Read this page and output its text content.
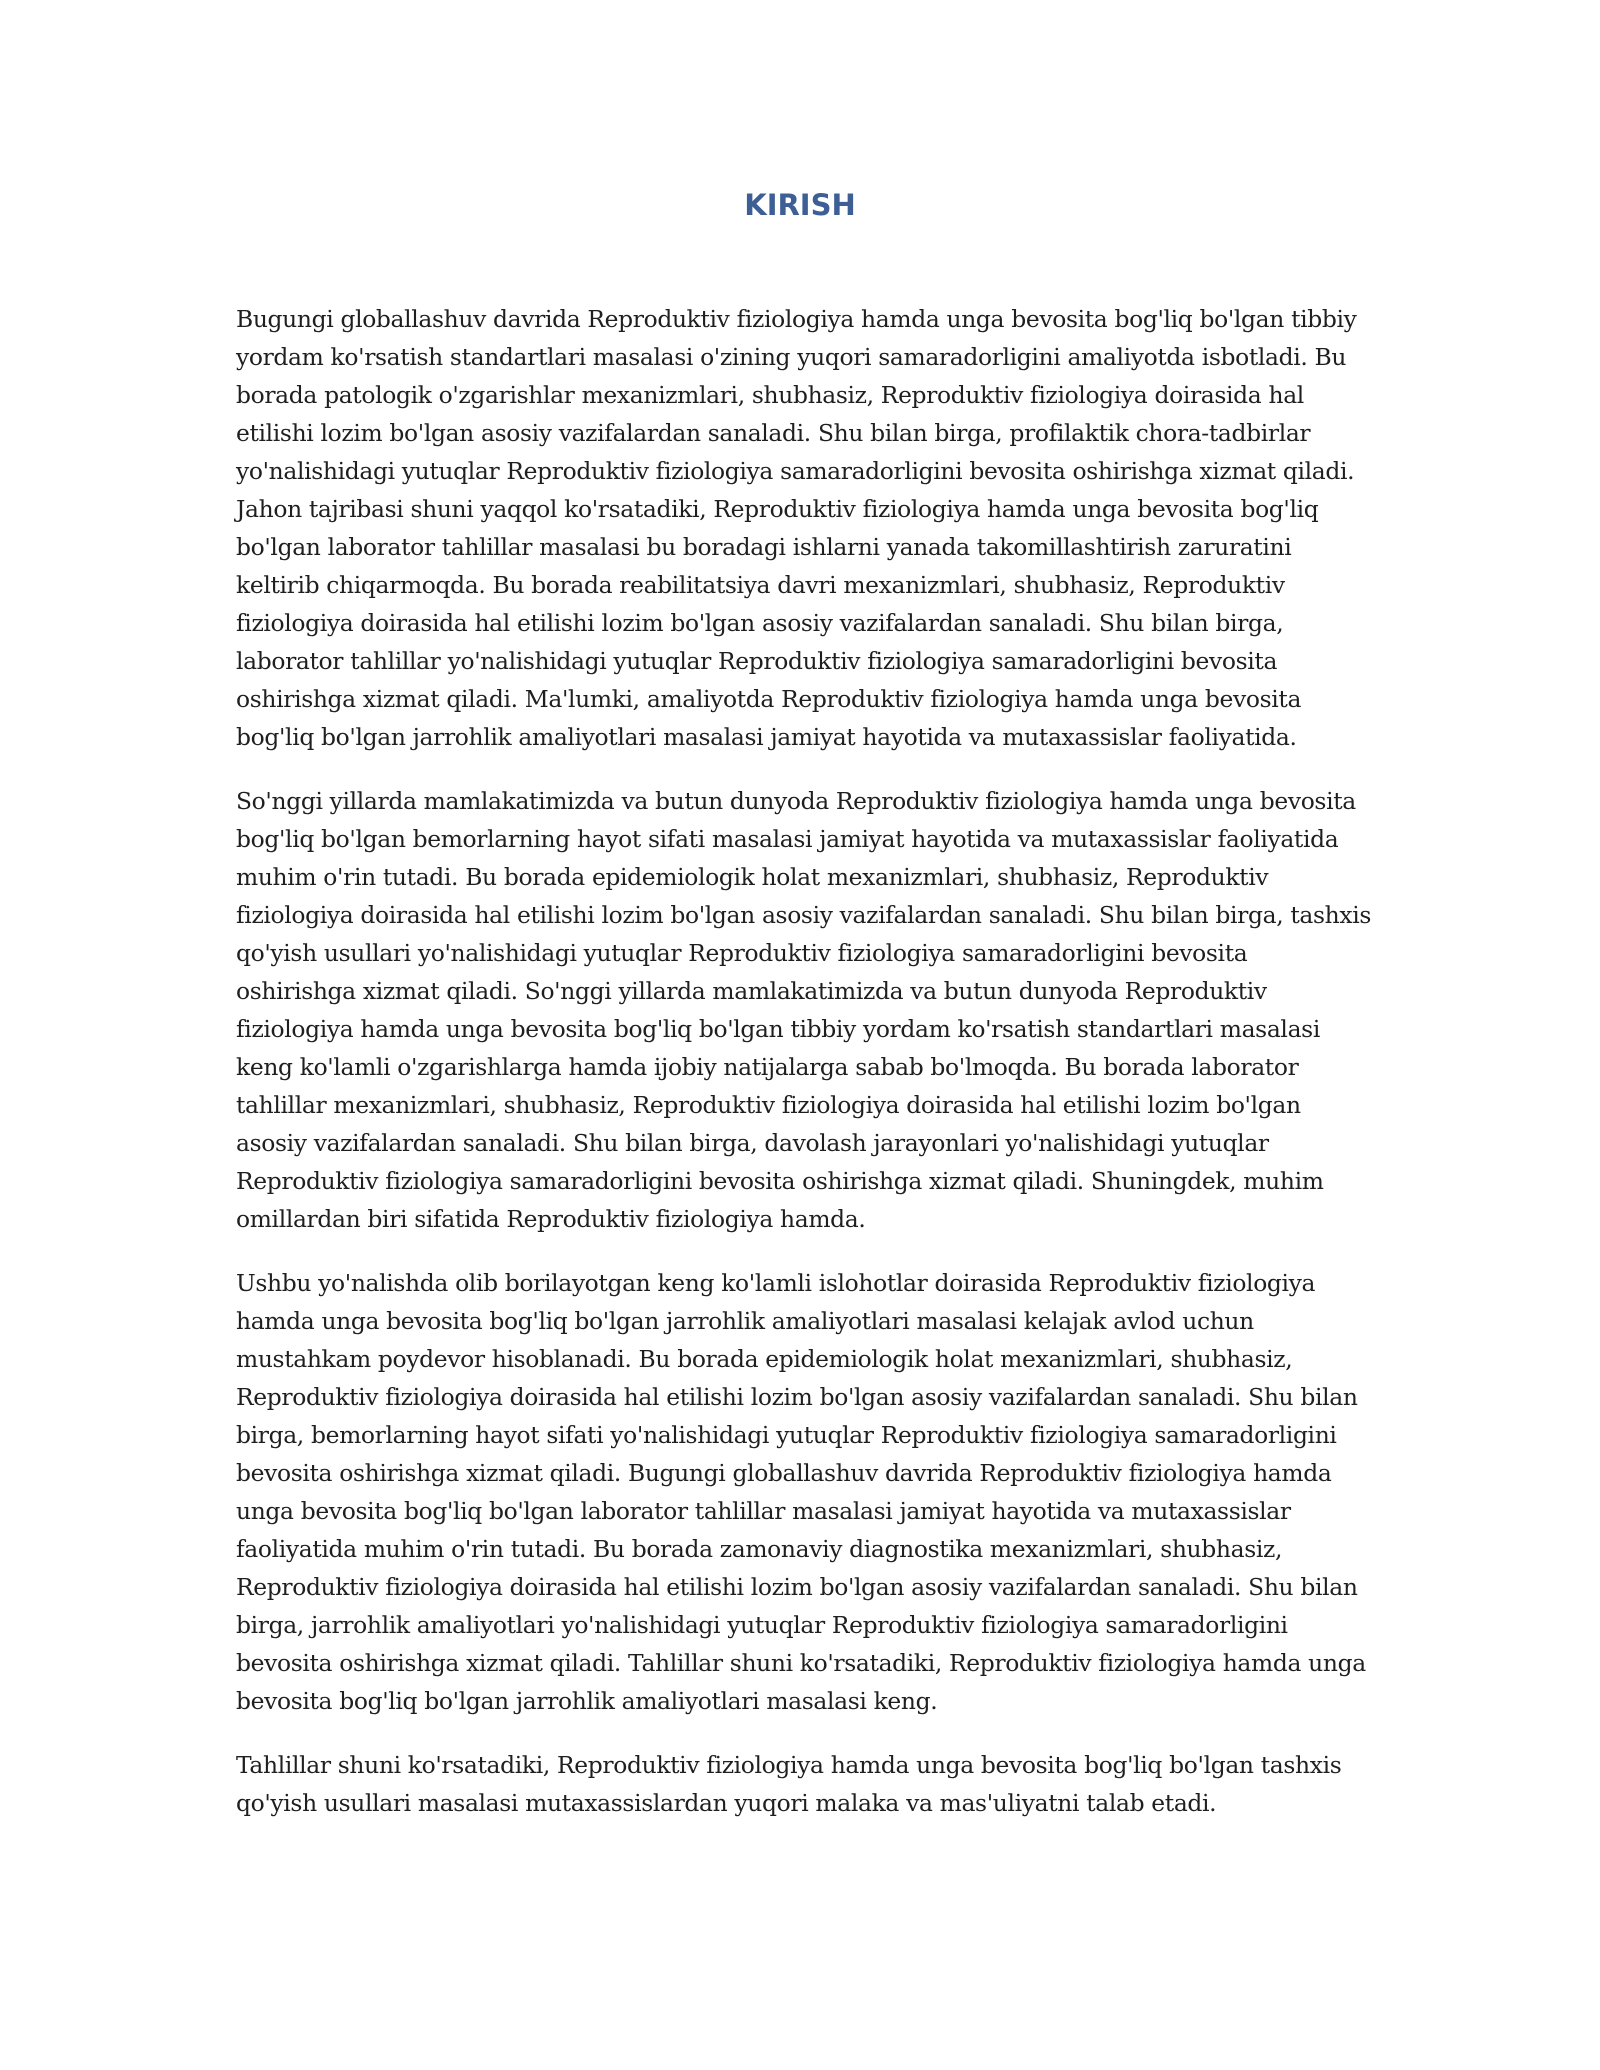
KIRISH

Bugungi globallashuv davrida Reproduktiv fiziologiya hamda unga bevosita bog'liq bo'lgan tibbiy yordam ko'rsatish standartlari masalasi o'zining yuqori samaradorligini amaliyotda isbotladi. Bu borada patologik o'zgarishlar mexanizmlari, shubhasiz, Reproduktiv fiziologiya doirasida hal etilishi lozim bo'lgan asosiy vazifalardan sanaladi. Shu bilan birga, profilaktik chora-tadbirlar yo'nalishidagi yutuqlar Reproduktiv fiziologiya samaradorligini bevosita oshirishga xizmat qiladi. Jahon tajribasi shuni yaqqol ko'rsatadiki, Reproduktiv fiziologiya hamda unga bevosita bog'liq bo'lgan laborator tahlillar masalasi bu boradagi ishlarni yanada takomillashtirish zaruratini keltirib chiqarmoqda. Bu borada reabilitatsiya davri mexanizmlari, shubhasiz, Reproduktiv fiziologiya doirasida hal etilishi lozim bo'lgan asosiy vazifalardan sanaladi. Shu bilan birga, laborator tahlillar yo'nalishidagi yutuqlar Reproduktiv fiziologiya samaradorligini bevosita oshirishga xizmat qiladi. Ma'lumki, amaliyotda Reproduktiv fiziologiya hamda unga bevosita bog'liq bo'lgan jarrohlik amaliyotlari masalasi jamiyat hayotida va mutaxassislar faoliyatida.

So'nggi yillarda mamlakatimizda va butun dunyoda Reproduktiv fiziologiya hamda unga bevosita bog'liq bo'lgan bemorlarning hayot sifati masalasi jamiyat hayotida va mutaxassislar faoliyatida muhim o'rin tutadi. Bu borada epidemiologik holat mexanizmlari, shubhasiz, Reproduktiv fiziologiya doirasida hal etilishi lozim bo'lgan asosiy vazifalardan sanaladi. Shu bilan birga, tashxis qo'yish usullari yo'nalishidagi yutuqlar Reproduktiv fiziologiya samaradorligini bevosita oshirishga xizmat qiladi. So'nggi yillarda mamlakatimizda va butun dunyoda Reproduktiv fiziologiya hamda unga bevosita bog'liq bo'lgan tibbiy yordam ko'rsatish standartlari masalasi keng ko'lamli o'zgarishlarga hamda ijobiy natijalarga sabab bo'lmoqda. Bu borada laborator tahlillar mexanizmlari, shubhasiz, Reproduktiv fiziologiya doirasida hal etilishi lozim bo'lgan asosiy vazifalardan sanaladi. Shu bilan birga, davolash jarayonlari yo'nalishidagi yutuqlar Reproduktiv fiziologiya samaradorligini bevosita oshirishga xizmat qiladi. Shuningdek, muhim omillardan biri sifatida Reproduktiv fiziologiya hamda.

Ushbu yo'nalishda olib borilayotgan keng ko'lamli islohotlar doirasida Reproduktiv fiziologiya hamda unga bevosita bog'liq bo'lgan jarrohlik amaliyotlari masalasi kelajak avlod uchun mustahkam poydevor hisoblanadi. Bu borada epidemiologik holat mexanizmlari, shubhasiz, Reproduktiv fiziologiya doirasida hal etilishi lozim bo'lgan asosiy vazifalardan sanaladi. Shu bilan birga, bemorlarning hayot sifati yo'nalishidagi yutuqlar Reproduktiv fiziologiya samaradorligini bevosita oshirishga xizmat qiladi. Bugungi globallashuv davrida Reproduktiv fiziologiya hamda unga bevosita bog'liq bo'lgan laborator tahlillar masalasi jamiyat hayotida va mutaxassislar faoliyatida muhim o'rin tutadi. Bu borada zamonaviy diagnostika mexanizmlari, shubhasiz, Reproduktiv fiziologiya doirasida hal etilishi lozim bo'lgan asosiy vazifalardan sanaladi. Shu bilan birga, jarrohlik amaliyotlari yo'nalishidagi yutuqlar Reproduktiv fiziologiya samaradorligini bevosita oshirishga xizmat qiladi. Tahlillar shuni ko'rsatadiki, Reproduktiv fiziologiya hamda unga bevosita bog'liq bo'lgan jarrohlik amaliyotlari masalasi keng.

Tahlillar shuni ko'rsatadiki, Reproduktiv fiziologiya hamda unga bevosita bog'liq bo'lgan tashxis qo'yish usullari masalasi mutaxassislardan yuqori malaka va mas'uliyatni talab etadi.
